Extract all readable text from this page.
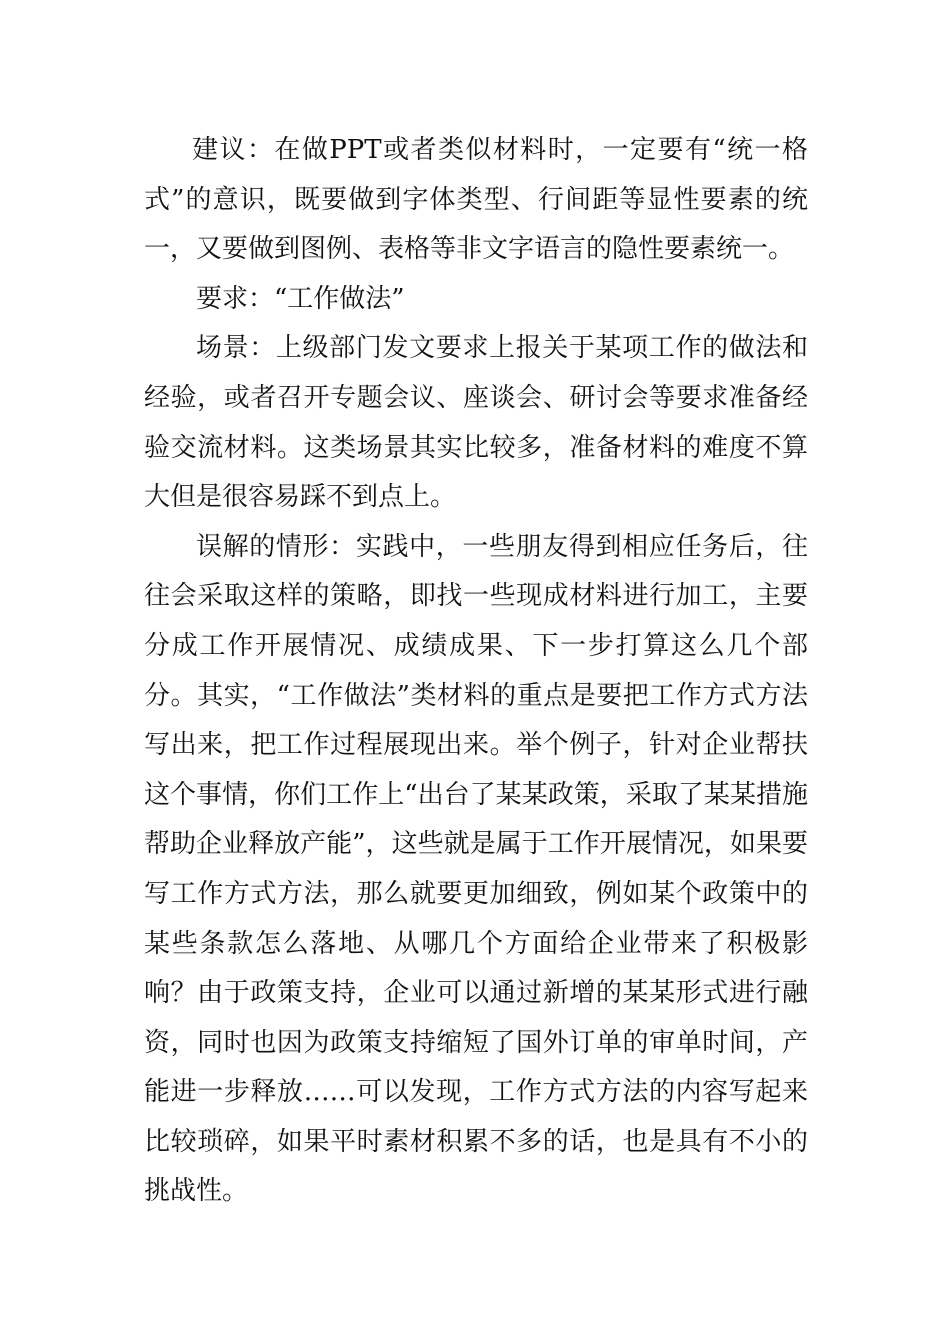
建议：在做PPT或者类似材料时，一定要有“统一格式”的意识，既要做到字体类型、行间距等显性要素的统一，又要做到图例、表格等非文字语言的隐性要素统一。

要求：“工作做法”

场景：上级部门发文要求上报关于某项工作的做法和经验，或者召开专题会议、座谈会、研讨会等要求准备经验交流材料。这类场景其实比较多，准备材料的难度不算大但是很容易踩不到点上。

误解的情形：实践中，一些朋友得到相应任务后，往往会采取这样的策略，即找一些现成材料进行加工，主要分成工作开展情况、成绩成果、下一步打算这么几个部分。其实，“工作做法”类材料的重点是要把工作方式方法写出来，把工作过程展现出来。举个例子，针对企业帮扶这个事情，你们工作上“出台了某某政策，采取了某某措施帮助企业释放产能”，这些就是属于工作开展情况，如果要写工作方式方法，那么就要更加细致，例如某个政策中的某些条款怎么落地、从哪几个方面给企业带来了积极影响？由于政策支持，企业可以通过新增的某某形式进行融资，同时也因为政策支持缩短了国外订单的审单时间，产能进一步释放……可以发现，工作方式方法的内容写起来比较琐碎，如果平时素材积累不多的话，也是具有不小的挑战性。
